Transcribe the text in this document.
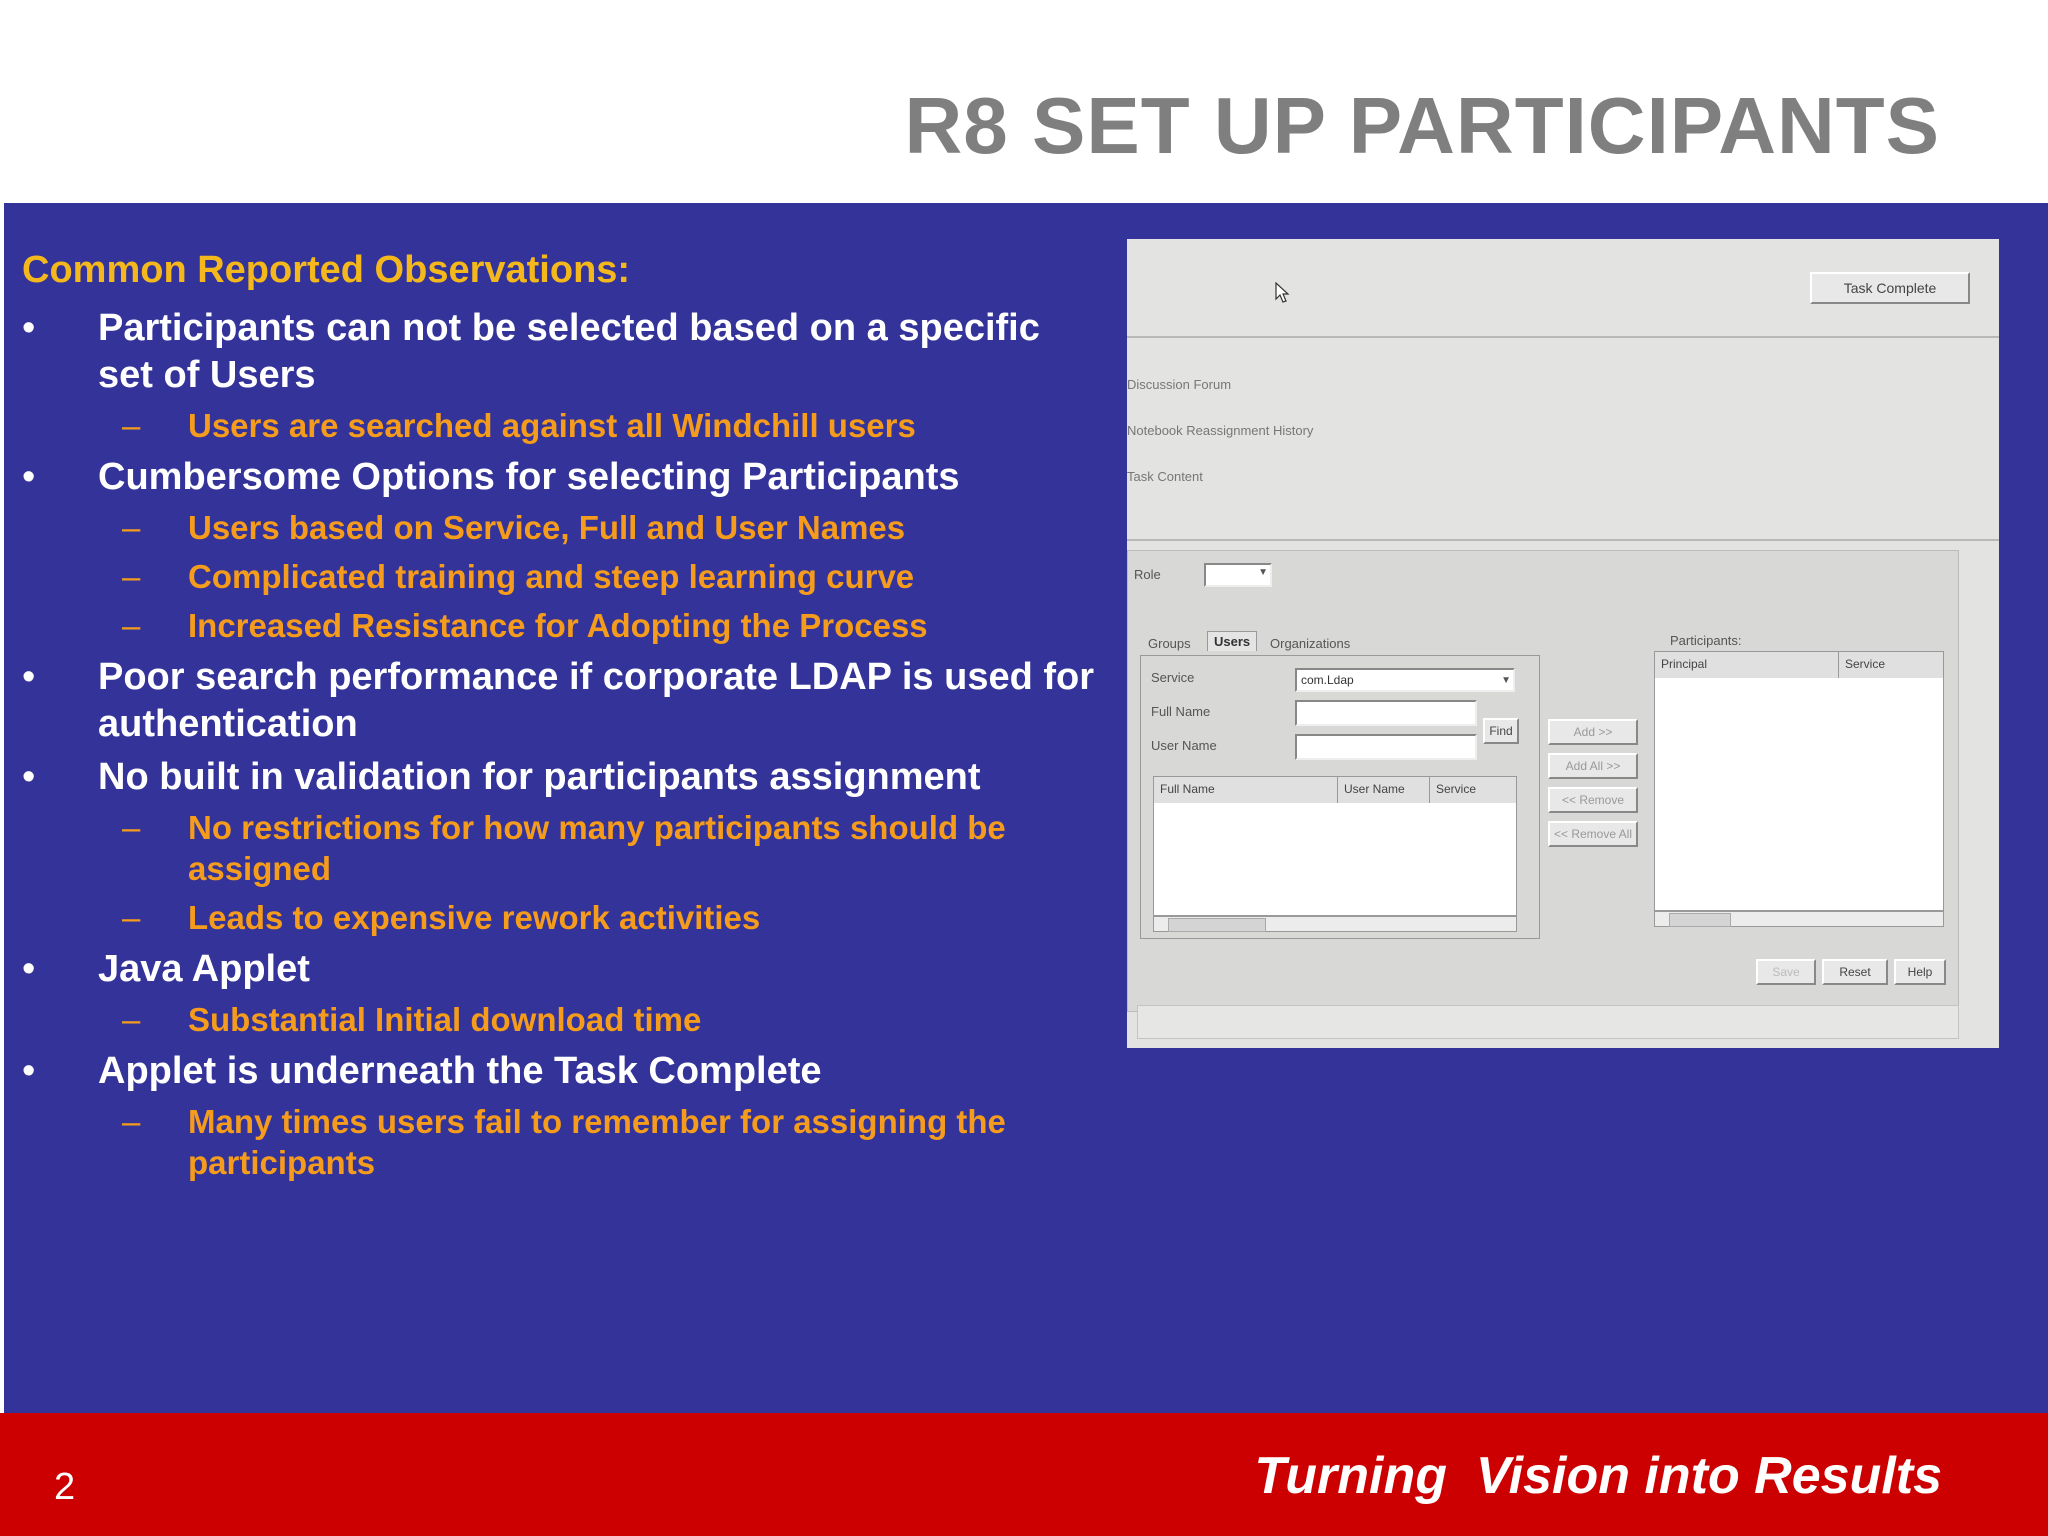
R8 SET UP PARTICIPANTS
Common Reported Observations:
• Participants can not be selected based on a specific set of Users
– Users are searched against all Windchill users
• Cumbersome Options for selecting Participants
– Users based on Service, Full and User Names
– Complicated training and steep learning curve
– Increased Resistance for Adopting the Process
• Poor search performance if corporate LDAP is used for authentication
• No built in validation for participants assignment
– No restrictions for how many participants should be assigned
– Leads to expensive rework activities
• Java Applet
– Substantial Initial download time
• Applet is underneath the Task Complete
– Many times users fail to remember for assigning the participants
Task Complete
Discussion Forum
Notebook Reassignment History
Task Content
Role	▼
Groups	Users	Organizations
Service	com.Ldap	▼
Full Name
User Name
Find
Full Name	User Name	Service
Add >>
Add All >>
<< Remove
<< Remove All
Participants:
Principal	Service
Save	Reset	Help
2	Turning  Vision into Results
